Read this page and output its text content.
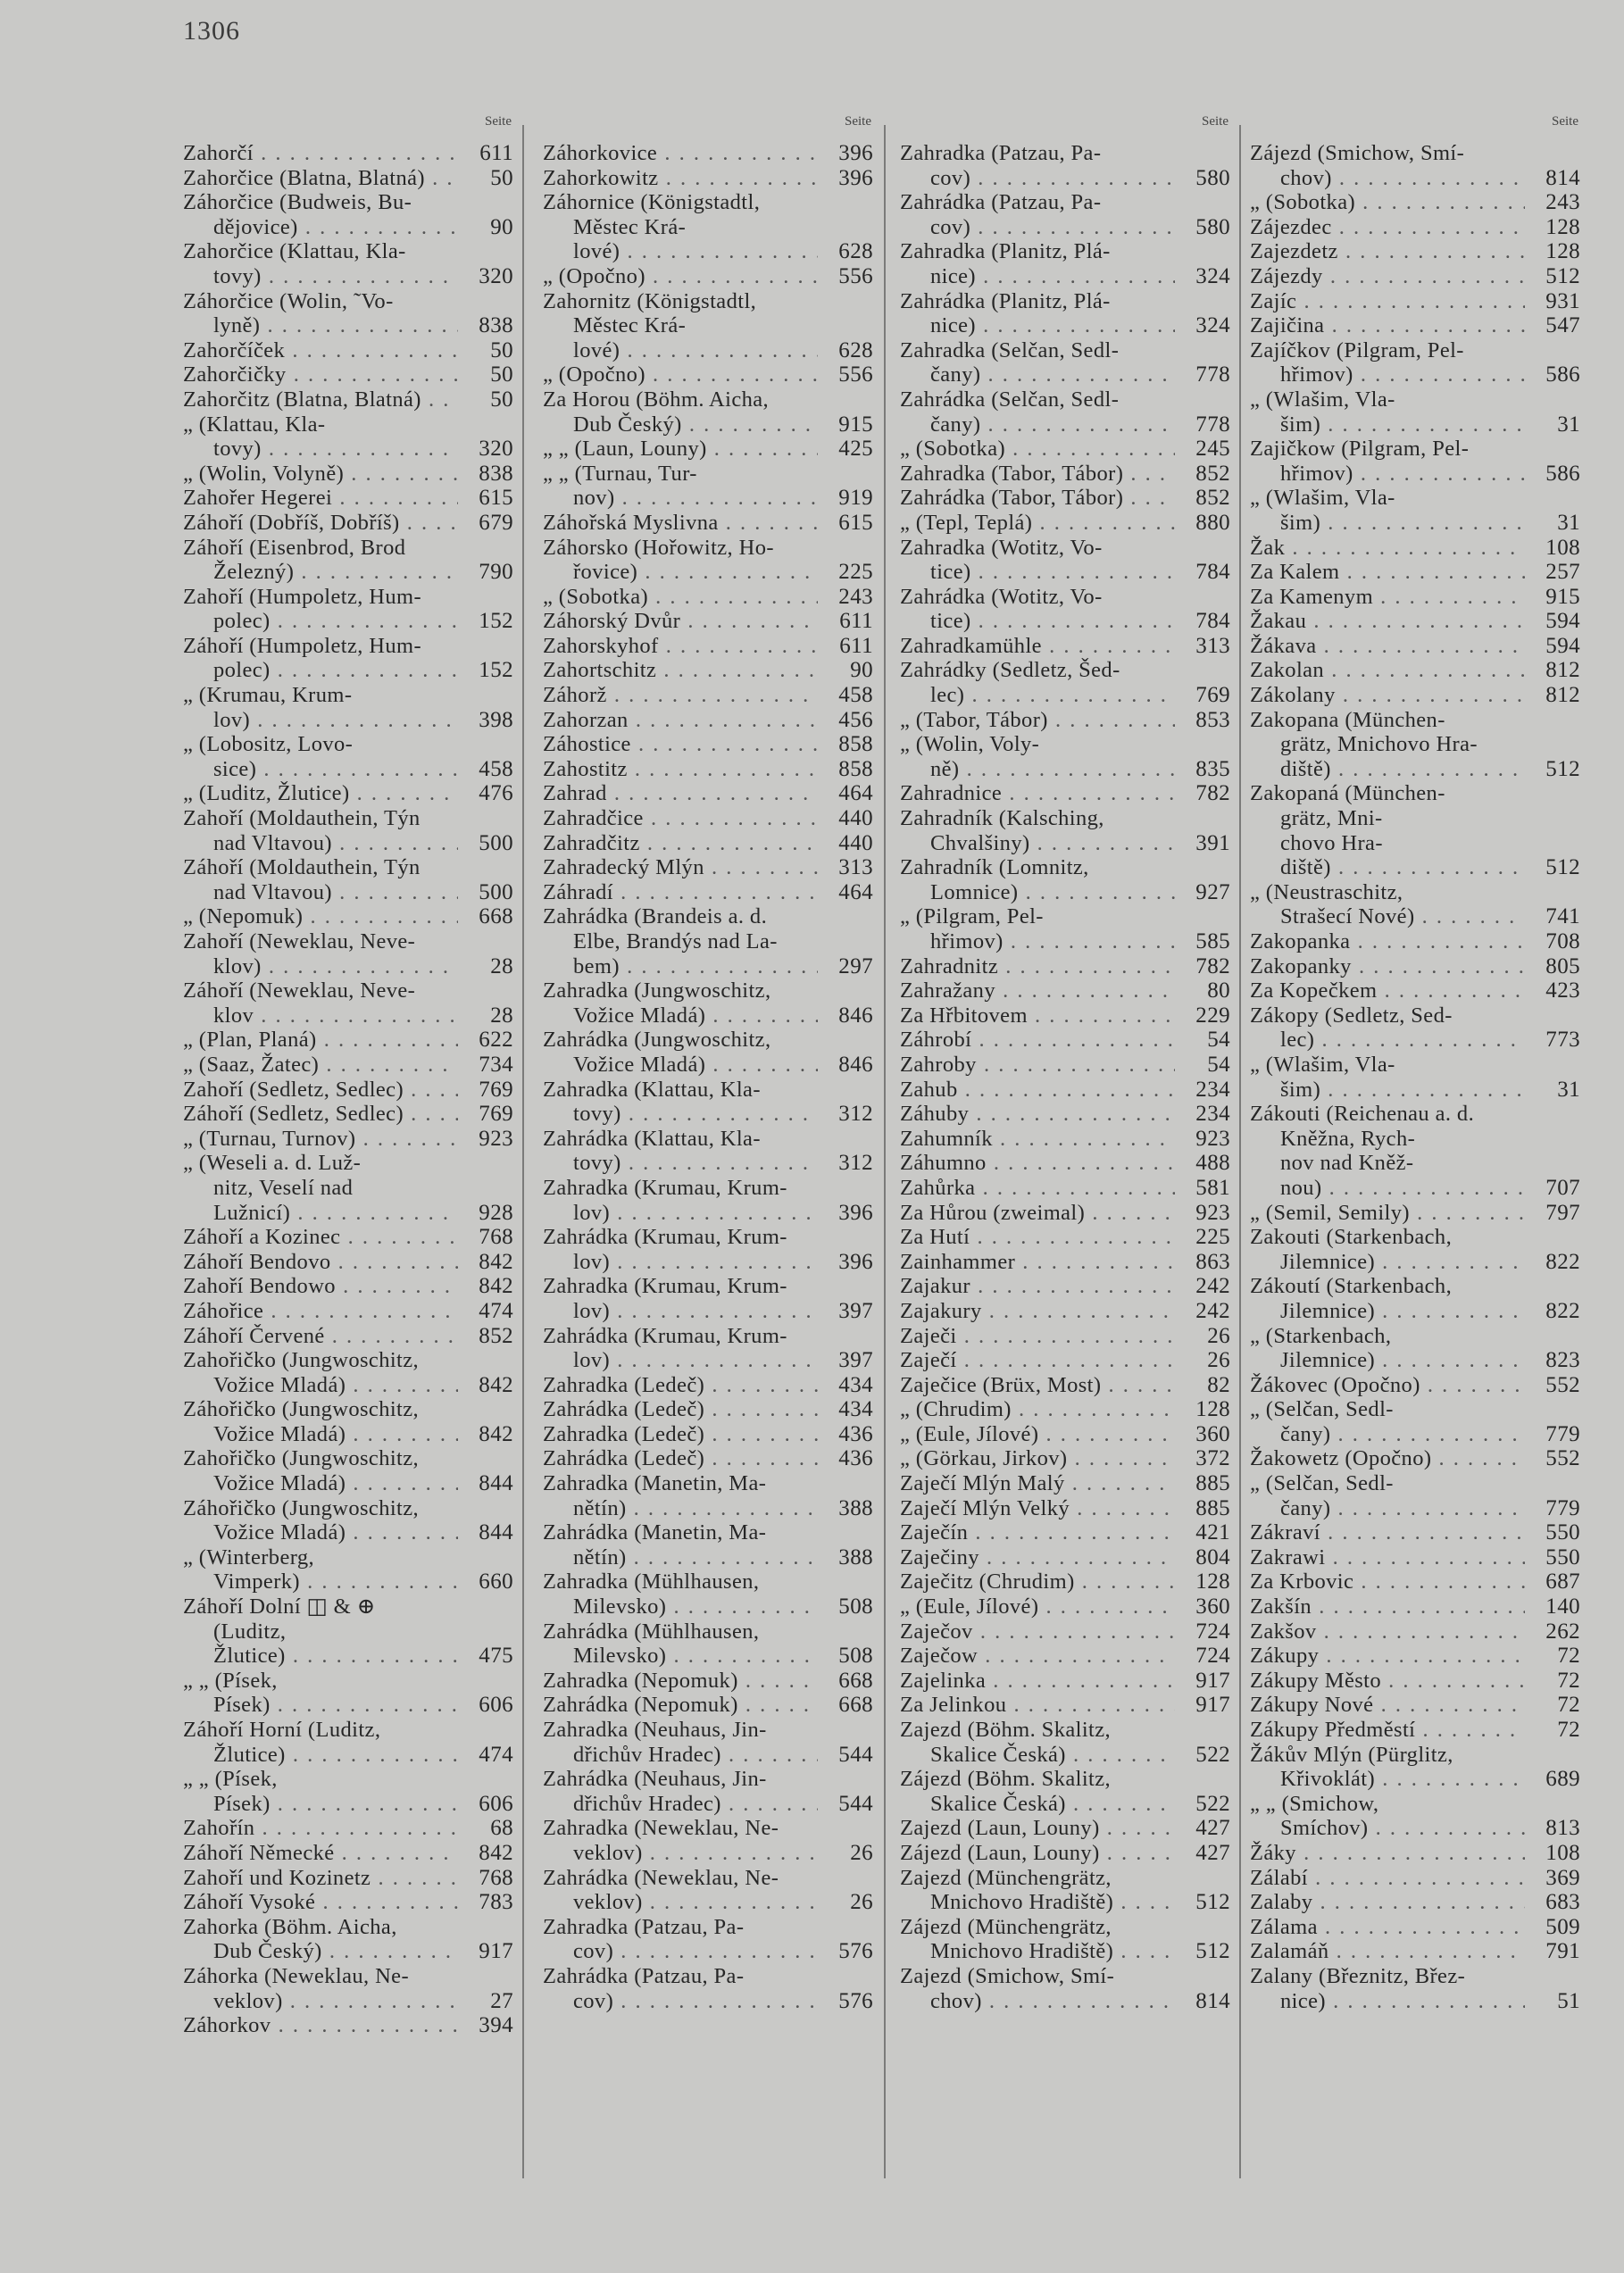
1306
Seite
Zahorčí . . .	611
Zahorčice (Blatna, Blatná) . . .	50
Záhorčice (Budweis, Bu-
dějovice) . . .	90
Zahorčice (Klattau, Kla-
tovy) . . .	320
Záhorčice (Wolin, ˜Vo-
lyně) . . .	838
Zahorčíček . . .	50
Zahorčičky . . .	50
Zahorčitz (Blatna, Blatná) . . .	50
„ (Klattau, Kla-
tovy) . . .	320
„ (Wolin, Volyně) . . .	838
Zahořer Hegerei . . .	615
Záhoří (Dobříš, Dobříš) . . .	679
Záhoří (Eisenbrod, Brod
Železný) . . .	790
Zahoří (Humpoletz, Hum-
polec) . . .	152
Záhoří (Humpoletz, Hum-
polec) . . .	152
„ (Krumau, Krum-
lov) . . .	398
„ (Lobositz, Lovo-
sice) . . .	458
„ (Luditz, Žlutice) . . .	476
Zahoří (Moldauthein, Týn
nad Vltavou) . . .	500
Záhoří (Moldauthein, Týn
nad Vltavou) . . .	500
„ (Nepomuk) . . .	668
Zahoří (Neweklau, Neve-
klov) . . .	28
Záhoří (Neweklau, Neve-
klov . . .	28
„ (Plan, Planá) . . .	622
„ (Saaz, Žatec) . . .	734
Zahoří (Sedletz, Sedlec) . . .	769
Záhoří (Sedletz, Sedlec) . . .	769
„ (Turnau, Turnov) . . .	923
„ (Weseli a. d. Luž-
nitz, Veselí nad
Lužnicí) . . .	928
Záhoří a Kozinec . . .	768
Záhoří Bendovo . . .	842
Zahoří Bendowo . . .	842
Záhořice . . .	474
Záhoří Červené . . .	852
Zahořičko (Jungwoschitz,
Vožice Mladá) . . .	842
Záhořičko (Jungwoschitz,
Vožice Mladá) . . .	842
Zahořičko (Jungwoschitz,
Vožice Mladá) . . .	844
Záhořičko (Jungwoschitz,
Vožice Mladá) . . .	844
„ (Winterberg,
Vimperk) . . .	660
Záhoří Dolní ◫ & ⊕
(Luditz,
Žlutice) . . .	475
„ „ (Písek,
Písek) . . .	606
Záhoří Horní (Luditz,
Žlutice) . . .	474
„ „ (Písek,
Písek) . . .	606
Zahořín . . .	68
Záhoří Německé . . .	842
Zahoří und Kozinetz . . .	768
Záhoří Vysoké . . .	783
Zahorka (Böhm. Aicha,
Dub Český) . . .	917
Záhorka (Neweklau, Ne-
veklov) . . .	27
Záhorkov . . .	394
Seite
Záhorkovice . . .	396
Zahorkowitz . . .	396
Záhornice (Königstadtl,
Městec Krá-
lové) . . .	628
„ (Opočno) . . .	556
Zahornitz (Königstadtl,
Městec Krá-
lové) . . .	628
„ (Opočno) . . .	556
Za Horou (Böhm. Aicha,
Dub Český) . . .	915
„ „ (Laun, Louny) . . .	425
„ „ (Turnau, Tur-
nov) . . .	919
Záhořská Myslivna . . .	615
Záhorsko (Hořowitz, Ho-
řovice) . . .	225
„ (Sobotka) . . .	243
Záhorský Dvůr . . .	611
Zahorskyhof . . .	611
Zahortschitz . . .	90
Záhorž . . .	458
Zahorzan . . .	456
Záhostice . . .	858
Zahostitz . . .	858
Zahrad . . .	464
Zahradčice . . .	440
Zahradčitz . . .	440
Zahradecký Mlýn . . .	313
Záhradí . . .	464
Zahrádka (Brandeis a. d.
Elbe, Brandýs nad La-
bem) . . .	297
Zahradka (Jungwoschitz,
Vožice Mladá) . . .	846
Zahrádka (Jungwoschitz,
Vožice Mladá) . . .	846
Zahradka (Klattau, Kla-
tovy) . . .	312
Zahrádka (Klattau, Kla-
tovy) . . .	312
Zahradka (Krumau, Krum-
lov) . . .	396
Zahrádka (Krumau, Krum-
lov) . . .	396
Zahradka (Krumau, Krum-
lov) . . .	397
Zahrádka (Krumau, Krum-
lov) . . .	397
Zahradka (Ledeč) . . .	434
Zahrádka (Ledeč) . . .	434
Zahradka (Ledeč) . . .	436
Zahrádka (Ledeč) . . .	436
Zahradka (Manetin, Ma-
nětín) . . .	388
Zahrádka (Manetin, Ma-
nětín) . . .	388
Zahradka (Mühlhausen,
Milevsko) . . .	508
Zahrádka (Mühlhausen,
Milevsko) . . .	508
Zahradka (Nepomuk) . . .	668
Zahrádka (Nepomuk) . . .	668
Zahradka (Neuhaus, Jin-
dřichův Hradec) . . .	544
Zahrádka (Neuhaus, Jin-
dřichův Hradec) . . .	544
Zahradka (Neweklau, Ne-
veklov) . . .	26
Zahrádka (Neweklau, Ne-
veklov) . . .	26
Zahradka (Patzau, Pa-
cov) . . .	576
Zahrádka (Patzau, Pa-
cov) . . .	576
Seite
Zahradka (Patzau, Pa-
cov) . . .	580
Zahrádka (Patzau, Pa-
cov) . . .	580
Zahradka (Planitz, Plá-
nice) . . .	324
Zahrádka (Planitz, Plá-
nice) . . .	324
Zahradka (Selčan, Sedl-
čany) . . .	778
Zahrádka (Selčan, Sedl-
čany) . . .	778
„ (Sobotka) . . .	245
Zahradka (Tabor, Tábor) . . .	852
Zahrádka (Tabor, Tábor) . . .	852
„ (Tepl, Teplá) . . .	880
Zahradka (Wotitz, Vo-
tice) . . .	784
Zahrádka (Wotitz, Vo-
tice) . . .	784
Zahradkamühle . . .	313
Zahrádky (Sedletz, Šed-
lec) . . .	769
„ (Tabor, Tábor) . . .	853
„ (Wolin, Voly-
ně) . . .	835
Zahradnice . . .	782
Zahradník (Kalsching,
Chvalšiny) . . .	391
Zahradník (Lomnitz,
Lomnice) . . .	927
„ (Pilgram, Pel-
hřimov) . . .	585
Zahradnitz . . .	782
Zahražany . . .	80
Za Hřbitovem . . .	229
Záhrobí . . .	54
Zahroby . . .	54
Zahub . . .	234
Záhuby . . .	234
Zahumník . . .	923
Záhumno . . .	488
Zahůrka . . .	581
Za Hůrou (zweimal) . . .	923
Za Hutí . . .	225
Zainhammer . . .	863
Zajakur . . .	242
Zajakury . . .	242
Zaječi . . .	26
Zaječí . . .	26
Zaječice (Brüx, Most) . . .	82
„ (Chrudim) . . .	128
„ (Eule, Jílové) . . .	360
„ (Görkau, Jirkov) . . .	372
Zaječí Mlýn Malý . . .	885
Zaječí Mlýn Velký . . .	885
Zaječín . . .	421
Zaječiny . . .	804
Zaječitz (Chrudim) . . .	128
„ (Eule, Jílové) . . .	360
Zaječov . . .	724
Zaječow . . .	724
Zajelinka . . .	917
Za Jelinkou . . .	917
Zajezd (Böhm. Skalitz,
Skalice Česká) . . .	522
Zájezd (Böhm. Skalitz,
Skalice Česká) . . .	522
Zajezd (Laun, Louny) . . .	427
Zájezd (Laun, Louny) . . .	427
Zajezd (Münchengrätz,
Mnichovo Hradiště) . . .	512
Zájezd (Münchengrätz,
Mnichovo Hradiště) . . .	512
Zajezd (Smichow, Smí-
chov) . . .	814
Seite
Zájezd (Smichow, Smí-
chov) . . .	814
„ (Sobotka) . . .	243
Zájezdec . . .	128
Zajezdetz . . .	128
Zájezdy . . .	512
Zajíc . . .	931
Zajičina . . .	547
Zajíčkov (Pilgram, Pel-
hřimov) . . .	586
„ (Wlašim, Vla-
šim) . . .	31
Zajičkow (Pilgram, Pel-
hřimov) . . .	586
„ (Wlašim, Vla-
šim) . . .	31
Žak . . .	108
Za Kalem . . .	257
Za Kamenym . . .	915
Žakau . . .	594
Žákava . . .	594
Zakolan . . .	812
Zákolany . . .	812
Zakopana (München-
grätz, Mnichovo Hra-
diště) . . .	512
Zakopaná (München-
grätz, Mni-
chovo Hra-
diště) . . .	512
„ (Neustraschitz,
Strašecí Nové) . . .	741
Zakopanka . . .	708
Zakopanky . . .	805
Za Kopečkem . . .	423
Zákopy (Sedletz, Sed-
lec) . . .	773
„ (Wlašim, Vla-
šim) . . .	31
Zákouti (Reichenau a. d.
Kněžna, Rych-
nov nad Kněž-
nou) . . .	707
„ (Semil, Semily) . . .	797
Zakouti (Starkenbach,
Jilemnice) . . .	822
Zákoutí (Starkenbach,
Jilemnice) . . .	822
„ (Starkenbach,
Jilemnice) . . .	823
Žákovec (Opočno) . . .	552
„ (Selčan, Sedl-
čany) . . .	779
Žakowetz (Opočno) . . .	552
„ (Selčan, Sedl-
čany) . . .	779
Zákraví . . .	550
Zakrawi . . .	550
Za Krbovic . . .	687
Zakšín . . .	140
Zakšov . . .	262
Zákupy . . .	72
Zákupy Město . . .	72
Zákupy Nové . . .	72
Zákupy Předměstí . . .	72
Žákův Mlýn (Pürglitz,
Křivoklát) . . .	689
„ „ (Smichow,
Smíchov) . . .	813
Žáky . . .	108
Zálabí . . .	369
Zalaby . . .	683
Zálama . . .	509
Zalamáň . . .	791
Zalany (Březnitz, Břez-
nice) . . .	51
